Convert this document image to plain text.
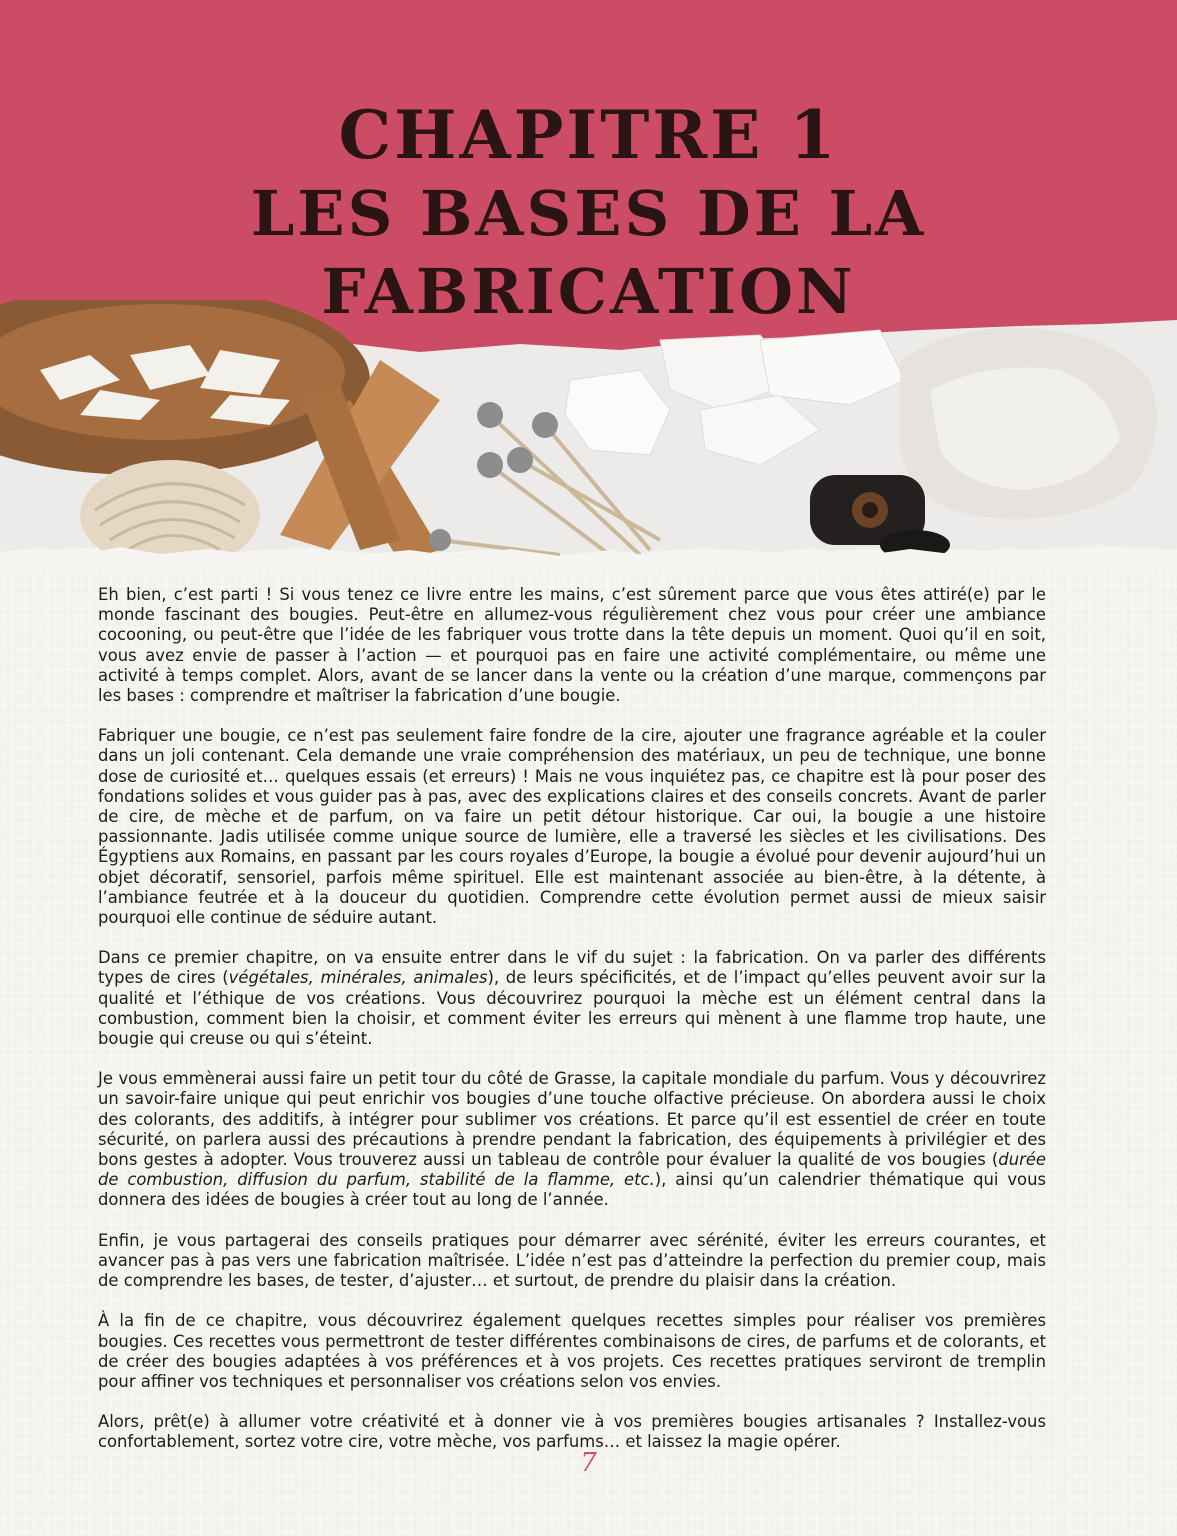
CHAPITRE 1
LES BASES DE LA FABRICATION

Eh bien, c’est parti ! Si vous tenez ce livre entre les mains, c’est sûrement parce que vous êtes attiré(e) par le monde fascinant des bougies. Peut-être en allumez-vous régulièrement chez vous pour créer une ambiance cocooning, ou peut-être que l’idée de les fabriquer vous trotte dans la tête depuis un moment. Quoi qu’il en soit, vous avez envie de passer à l’action — et pourquoi pas en faire une activité complémentaire, ou même une activité à temps complet. Alors, avant de se lancer dans la vente ou la création d’une marque, commençons par les bases : comprendre et maîtriser la fabrication d’une bougie.

Fabriquer une bougie, ce n’est pas seulement faire fondre de la cire, ajouter une fragrance agréable et la couler dans un joli contenant. Cela demande une vraie compréhension des matériaux, un peu de technique, une bonne dose de curiosité et… quelques essais (et erreurs) ! Mais ne vous inquiétez pas, ce chapitre est là pour poser des fondations solides et vous guider pas à pas, avec des explications claires et des conseils concrets. Avant de parler de cire, de mèche et de parfum, on va faire un petit détour historique. Car oui, la bougie a une histoire passionnante. Jadis utilisée comme unique source de lumière, elle a traversé les siècles et les civilisations. Des Égyptiens aux Romains, en passant par les cours royales d’Europe, la bougie a évolué pour devenir aujourd’hui un objet décoratif, sensoriel, parfois même spirituel. Elle est maintenant associée au bien-être, à la détente, à l’ambiance feutrée et à la douceur du quotidien. Comprendre cette évolution permet aussi de mieux saisir pourquoi elle continue de séduire autant.

Dans ce premier chapitre, on va ensuite entrer dans le vif du sujet : la fabrication. On va parler des différents types de cires (végétales, minérales, animales), de leurs spécificités, et de l’impact qu’elles peuvent avoir sur la qualité et l’éthique de vos créations. Vous découvrirez pourquoi la mèche est un élément central dans la combustion, comment bien la choisir, et comment éviter les erreurs qui mènent à une flamme trop haute, une bougie qui creuse ou qui s’éteint.

Je vous emmènerai aussi faire un petit tour du côté de Grasse, la capitale mondiale du parfum. Vous y découvrirez un savoir-faire unique qui peut enrichir vos bougies d’une touche olfactive précieuse. On abordera aussi le choix des colorants, des additifs, à intégrer pour sublimer vos créations. Et parce qu’il est essentiel de créer en toute sécurité, on parlera aussi des précautions à prendre pendant la fabrication, des équipements à privilégier et des bons gestes à adopter. Vous trouverez aussi un tableau de contrôle pour évaluer la qualité de vos bougies (durée de combustion, diffusion du parfum, stabilité de la flamme, etc.), ainsi qu’un calendrier thématique qui vous donnera des idées de bougies à créer tout au long de l’année.

Enfin, je vous partagerai des conseils pratiques pour démarrer avec sérénité, éviter les erreurs courantes, et avancer pas à pas vers une fabrication maîtrisée. L’idée n’est pas d’atteindre la perfection du premier coup, mais de comprendre les bases, de tester, d’ajuster… et surtout, de prendre du plaisir dans la création.

À la fin de ce chapitre, vous découvrirez également quelques recettes simples pour réaliser vos premières bougies. Ces recettes vous permettront de tester différentes combinaisons de cires, de parfums et de colorants, et de créer des bougies adaptées à vos préférences et à vos projets. Ces recettes pratiques serviront de tremplin pour affiner vos techniques et personnaliser vos créations selon vos envies.

Alors, prêt(e) à allumer votre créativité et à donner vie à vos premières bougies artisanales ? Installez-vous confortablement, sortez votre cire, votre mèche, vos parfums… et laissez la magie opérer.

7
